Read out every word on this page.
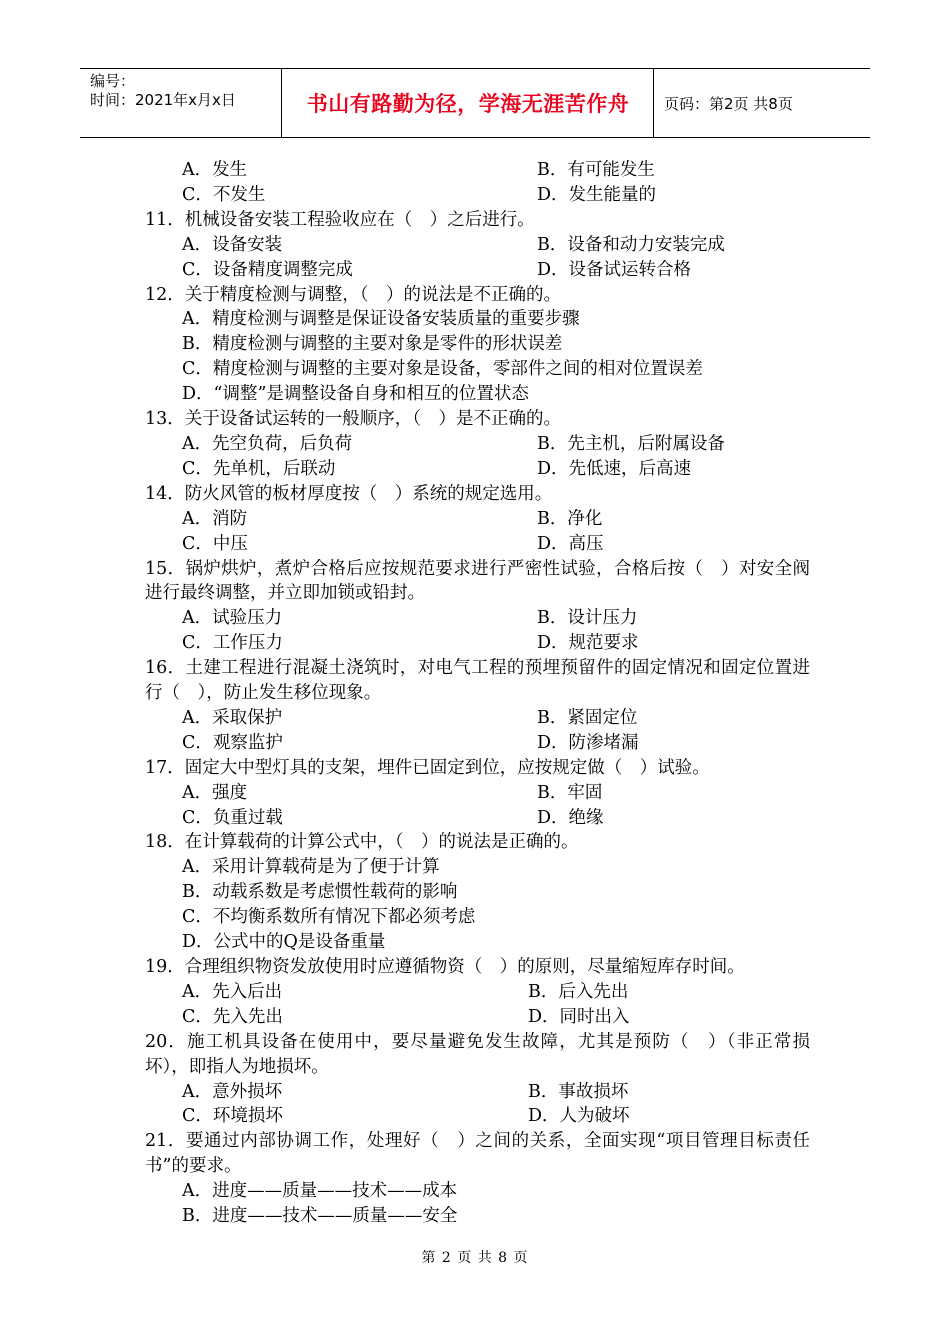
编号：
时间：2021年x月x日	书山有路勤为径，学海无涯苦作舟	页码：第2页 共8页
A．发生	B．有可能发生
C．不发生	D．发生能量的
11．机械设备安装工程验收应在（　）之后进行。
A．设备安装	B．设备和动力安装完成
C．设备精度调整完成	D．设备试运转合格
12．关于精度检测与调整，（　）的说法是不正确的。
A．精度检测与调整是保证设备安装质量的重要步骤
B．精度检测与调整的主要对象是零件的形状误差
C．精度检测与调整的主要对象是设备，零部件之间的相对位置误差
D．“调整”是调整设备自身和相互的位置状态
13．关于设备试运转的一般顺序，（　）是不正确的。
A．先空负荷，后负荷	B．先主机，后附属设备
C．先单机，后联动	D．先低速，后高速
14．防火风管的板材厚度按（　）系统的规定选用。
A．消防	B．净化
C．中压	D．高压
15．锅炉烘炉，煮炉合格后应按规范要求进行严密性试验，合格后按（　）对安全阀进行最终调整，并立即加锁或铅封。
A．试验压力	B．设计压力
C．工作压力	D．规范要求
16．土建工程进行混凝土浇筑时，对电气工程的预埋预留件的固定情况和固定位置进行（　），防止发生移位现象。
A．采取保护	B．紧固定位
C．观察监护	D．防渗堵漏
17．固定大中型灯具的支架，埋件已固定到位，应按规定做（　）试验。
A．强度	B．牢固
C．负重过载	D．绝缘
18．在计算载荷的计算公式中，（　）的说法是正确的。
A．采用计算载荷是为了便于计算
B．动载系数是考虑惯性载荷的影响
C．不均衡系数所有情况下都必须考虑
D．公式中的Q是设备重量
19．合理组织物资发放使用时应遵循物资（　）的原则，尽量缩短库存时间。
A．先入后出	B．后入先出
C．先入先出	D．同时出入
20．施工机具设备在使用中，要尽量避免发生故障，尤其是预防（　）（非正常损坏），即指人为地损坏。
A．意外损坏	B．事故损坏
C．环境损坏	D．人为破坏
21．要通过内部协调工作，处理好（　）之间的关系，全面实现“项目管理目标责任书”的要求。
A．进度——质量——技术——成本
B．进度——技术——质量——安全
第 2 页 共 8 页
